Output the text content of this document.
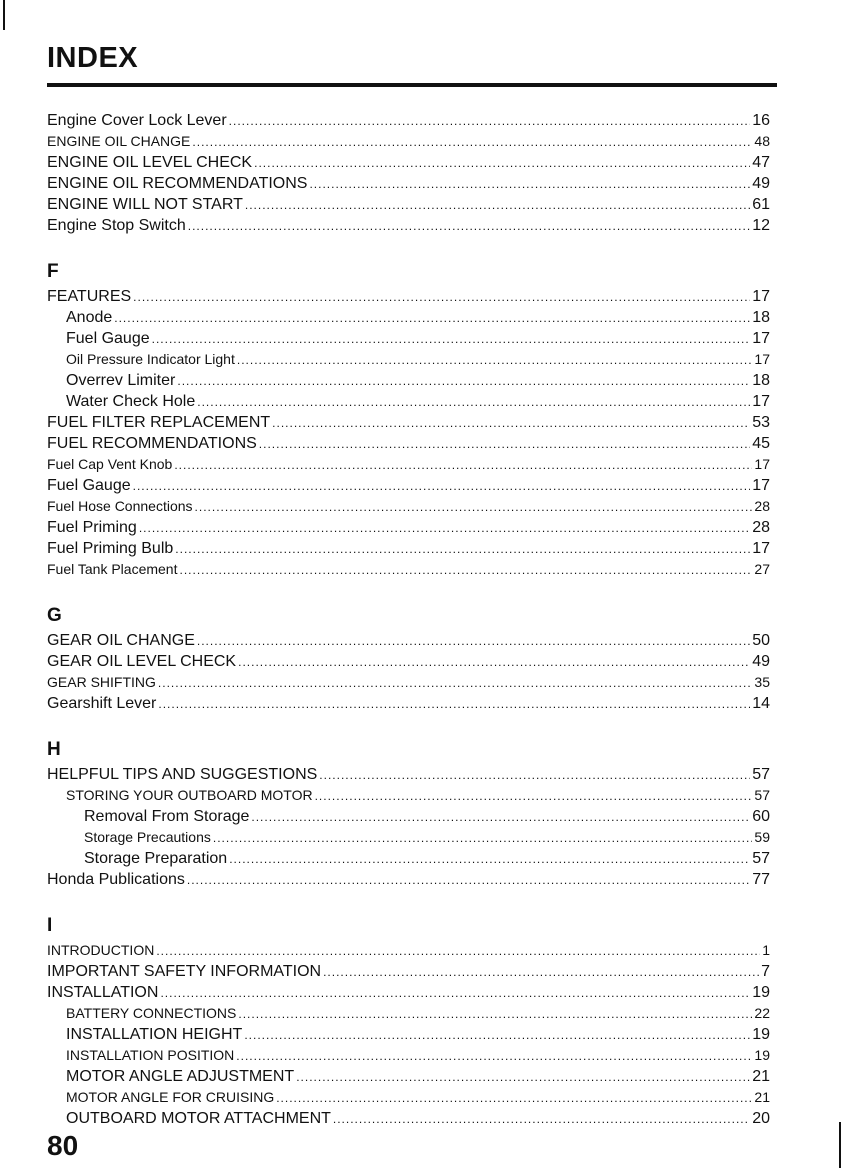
INDEX
Engine Cover Lock Lever .....	16
ENGINE OIL CHANGE .....	48
ENGINE OIL LEVEL CHECK .....	47
ENGINE OIL RECOMMENDATIONS .....	49
ENGINE WILL NOT START .....	61
Engine Stop Switch .....	12
F
FEATURES .....	17
Anode .....	18
Fuel Gauge .....	17
Oil Pressure Indicator Light .....	17
Overrev Limiter .....	18
Water Check Hole .....	17
FUEL FILTER REPLACEMENT .....	53
FUEL RECOMMENDATIONS .....	45
Fuel Cap Vent Knob .....	17
Fuel Gauge .....	17
Fuel Hose Connections .....	28
Fuel Priming .....	28
Fuel Priming Bulb .....	17
Fuel Tank Placement .....	27
G
GEAR OIL CHANGE .....	50
GEAR OIL LEVEL CHECK .....	49
GEAR SHIFTING .....	35
Gearshift Lever .....	14
H
HELPFUL TIPS AND SUGGESTIONS .....	57
STORING YOUR OUTBOARD MOTOR .....	57
Removal From Storage .....	60
Storage Precautions .....	59
Storage Preparation .....	57
Honda Publications .....	77
I
INTRODUCTION .....	1
IMPORTANT SAFETY INFORMATION .....	7
INSTALLATION .....	19
BATTERY CONNECTIONS .....	22
INSTALLATION HEIGHT .....	19
INSTALLATION POSITION .....	19
MOTOR ANGLE ADJUSTMENT .....	21
MOTOR ANGLE FOR CRUISING .....	21
OUTBOARD MOTOR ATTACHMENT .....	20
80
